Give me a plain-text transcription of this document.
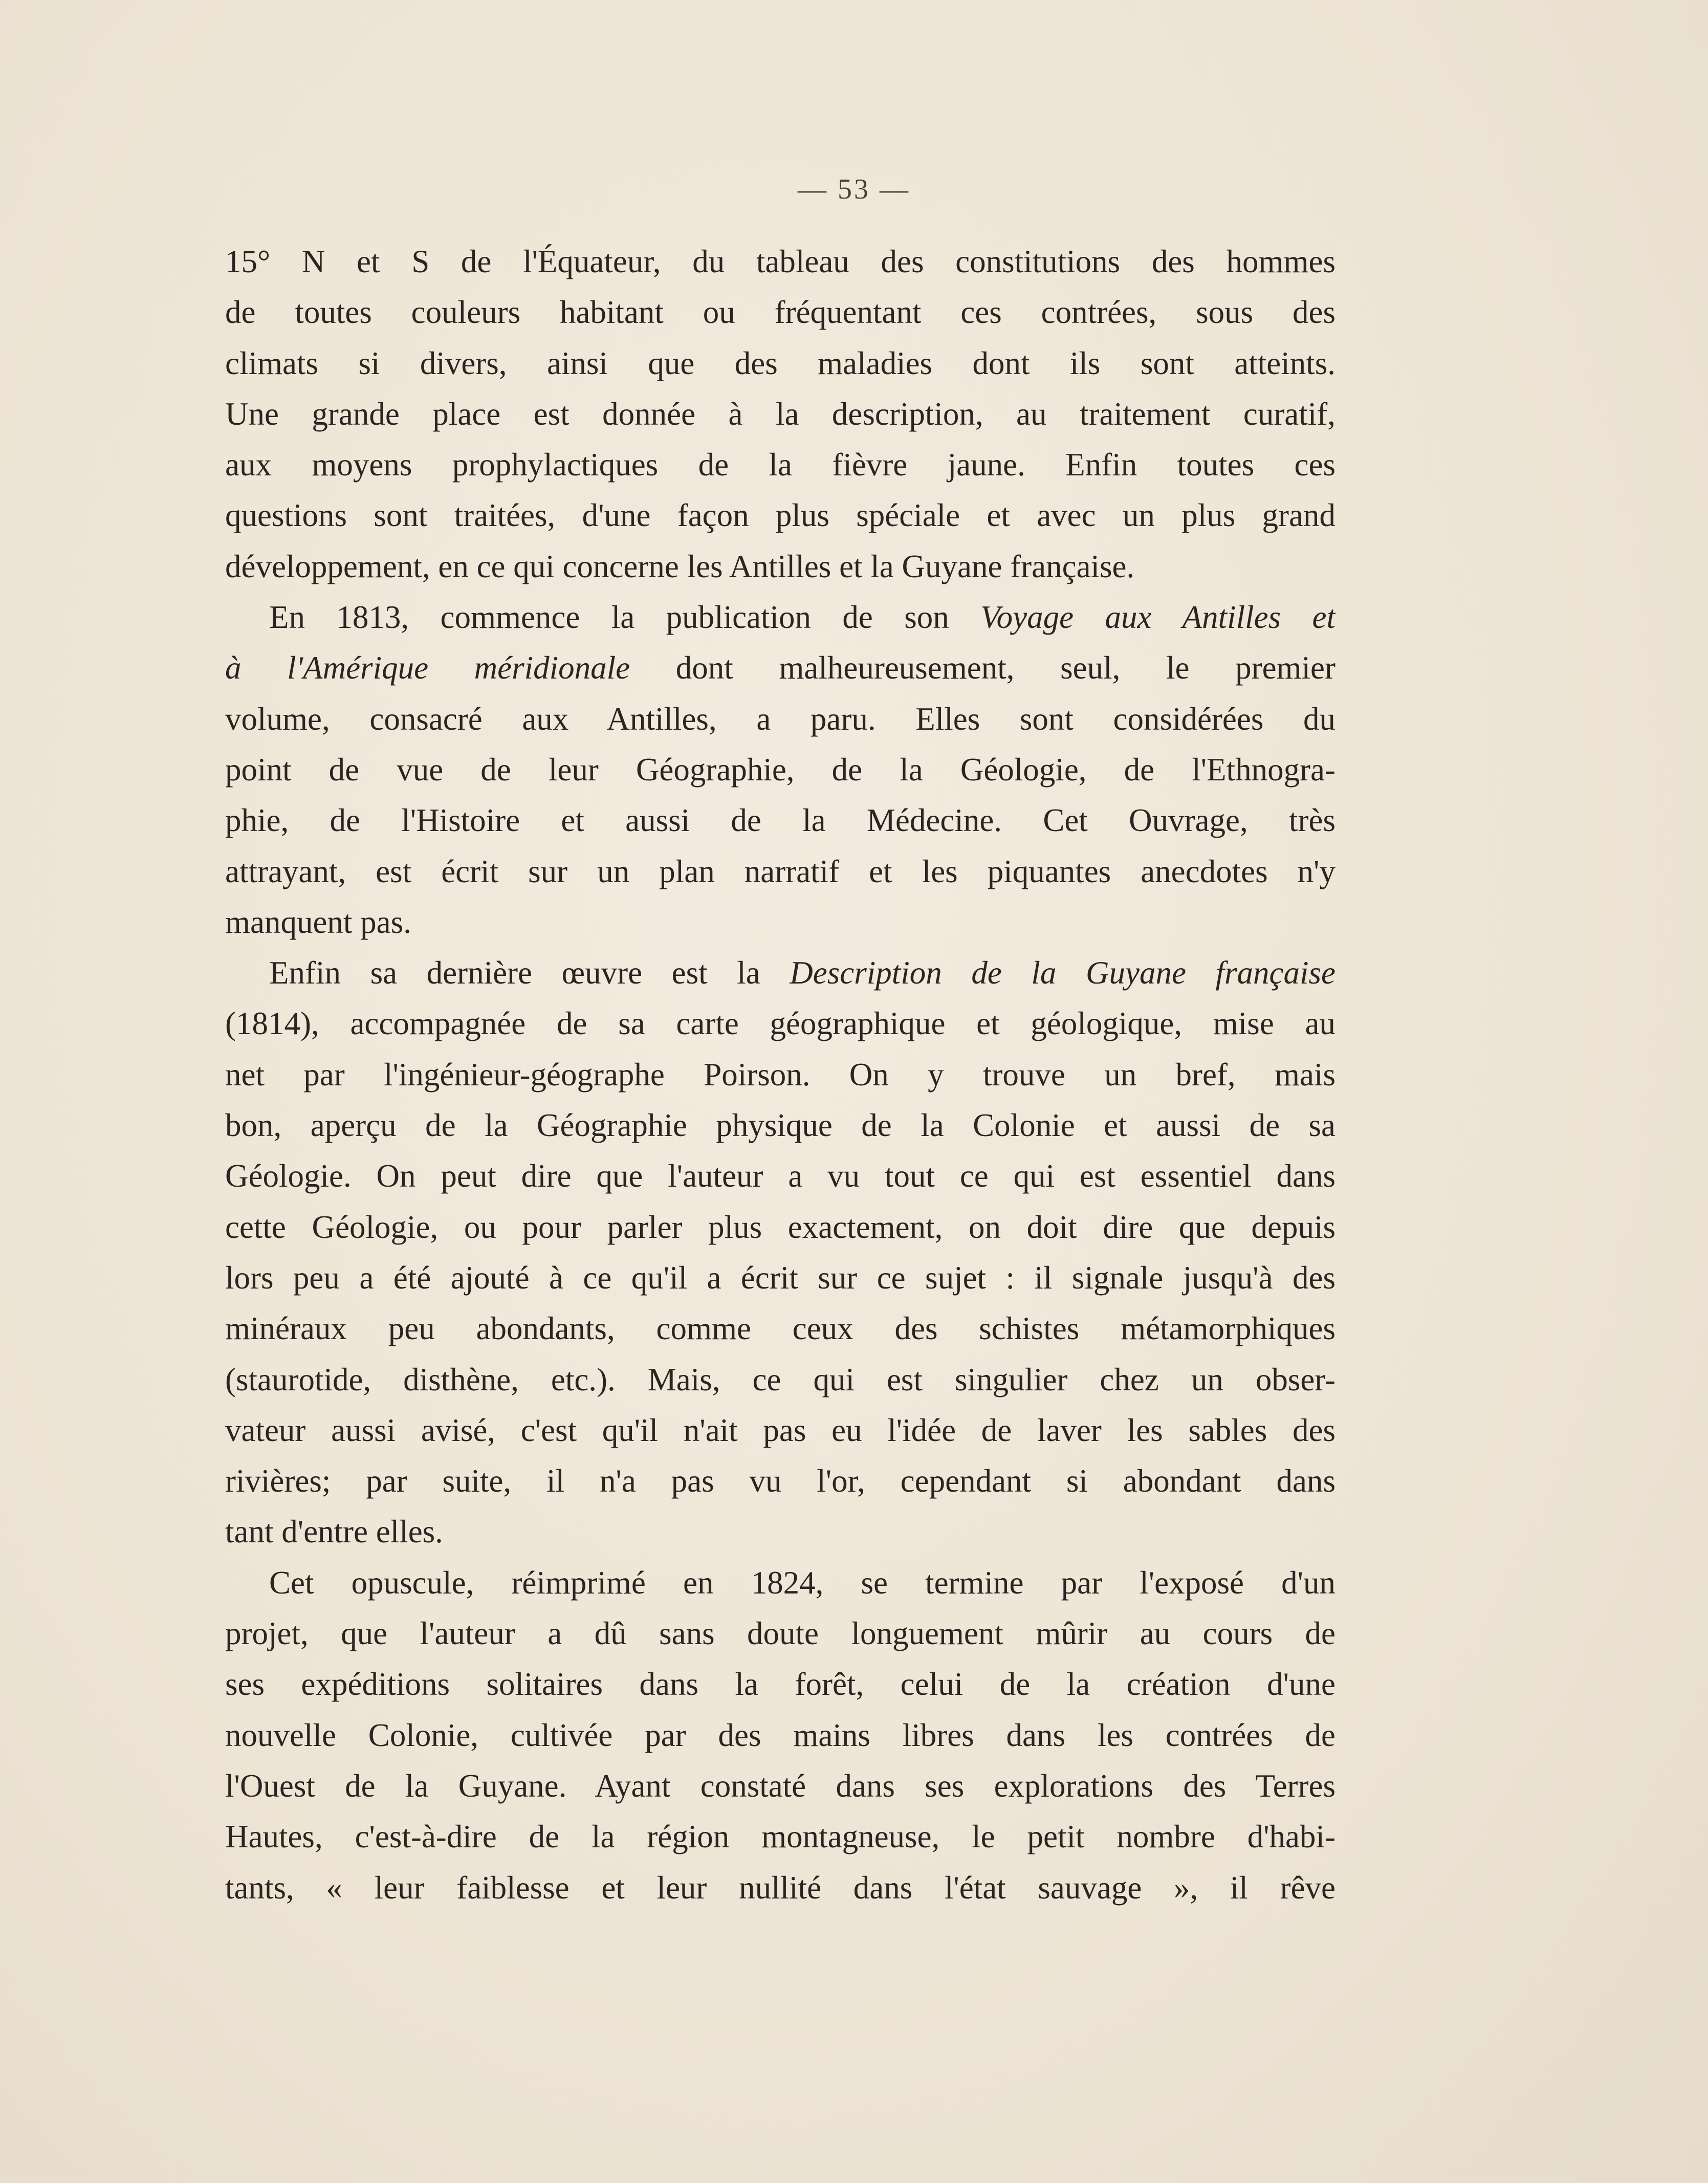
— 53 —
15° N et S de l'Équateur, du tableau des constitutions des hommes
de toutes couleurs habitant ou fréquentant ces contrées, sous des
climats si divers, ainsi que des maladies dont ils sont atteints.
Une grande place est donnée à la description, au traitement curatif,
aux moyens prophylactiques de la fièvre jaune. Enfin toutes ces
questions sont traitées, d'une façon plus spéciale et avec un plus grand
développement, en ce qui concerne les Antilles et la Guyane française.
En 1813, commence la publication de son Voyage aux Antilles et
à l'Amérique méridionale dont malheureusement, seul, le premier
volume, consacré aux Antilles, a paru. Elles sont considérées du
point de vue de leur Géographie, de la Géologie, de l'Ethnogra-
phie, de l'Histoire et aussi de la Médecine. Cet Ouvrage, très
attrayant, est écrit sur un plan narratif et les piquantes anecdotes n'y
manquent pas.
Enfin sa dernière œuvre est la Description de la Guyane française
(1814), accompagnée de sa carte géographique et géologique, mise au
net par l'ingénieur-géographe Poirson. On y trouve un bref, mais
bon, aperçu de la Géographie physique de la Colonie et aussi de sa
Géologie. On peut dire que l'auteur a vu tout ce qui est essentiel dans
cette Géologie, ou pour parler plus exactement, on doit dire que depuis
lors peu a été ajouté à ce qu'il a écrit sur ce sujet : il signale jusqu'à des
minéraux peu abondants, comme ceux des schistes métamorphiques
(staurotide, disthène, etc.). Mais, ce qui est singulier chez un obser-
vateur aussi avisé, c'est qu'il n'ait pas eu l'idée de laver les sables des
rivières; par suite, il n'a pas vu l'or, cependant si abondant dans
tant d'entre elles.
Cet opuscule, réimprimé en 1824, se termine par l'exposé d'un
projet, que l'auteur a dû sans doute longuement mûrir au cours de
ses expéditions solitaires dans la forêt, celui de la création d'une
nouvelle Colonie, cultivée par des mains libres dans les contrées de
l'Ouest de la Guyane. Ayant constaté dans ses explorations des Terres
Hautes, c'est-à-dire de la région montagneuse, le petit nombre d'habi-
tants, « leur faiblesse et leur nullité dans l'état sauvage », il rêve
